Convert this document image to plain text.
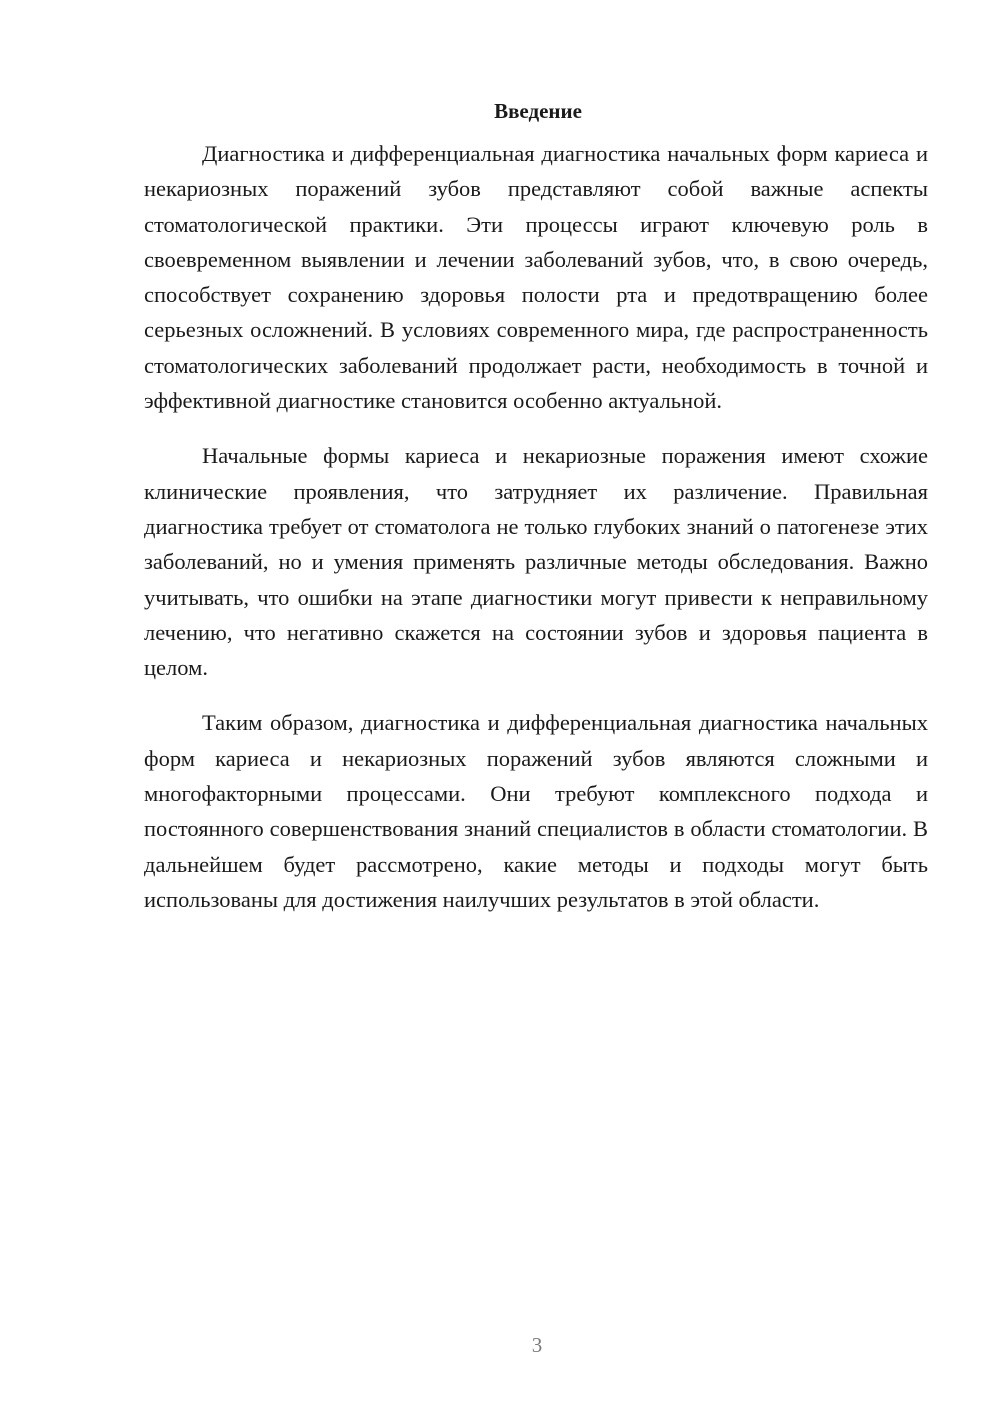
Введение

Диагностика и дифференциальная диагностика начальных форм кариеса и некариозных поражений зубов представляют собой важные аспекты стоматологической практики. Эти процессы играют ключевую роль в своевременном выявлении и лечении заболеваний зубов, что, в свою очередь, способствует сохранению здоровья полости рта и предотвращению более серьезных осложнений. В условиях современного мира, где распространенность стоматологических заболеваний продолжает расти, необходимость в точной и эффективной диагностике становится особенно актуальной.

Начальные формы кариеса и некариозные поражения имеют схожие клинические проявления, что затрудняет их различение. Правильная диагностика требует от стоматолога не только глубоких знаний о патогенезе этих заболеваний, но и умения применять различные методы обследования. Важно учитывать, что ошибки на этапе диагностики могут привести к неправильному лечению, что негативно скажется на состоянии зубов и здоровья пациента в целом.

Таким образом, диагностика и дифференциальная диагностика начальных форм кариеса и некариозных поражений зубов являются сложными и многофакторными процессами. Они требуют комплексного подхода и постоянного совершенствования знаний специалистов в области стоматологии. В дальнейшем будет рассмотрено, какие методы и подходы могут быть использованы для достижения наилучших результатов в этой области.

3
